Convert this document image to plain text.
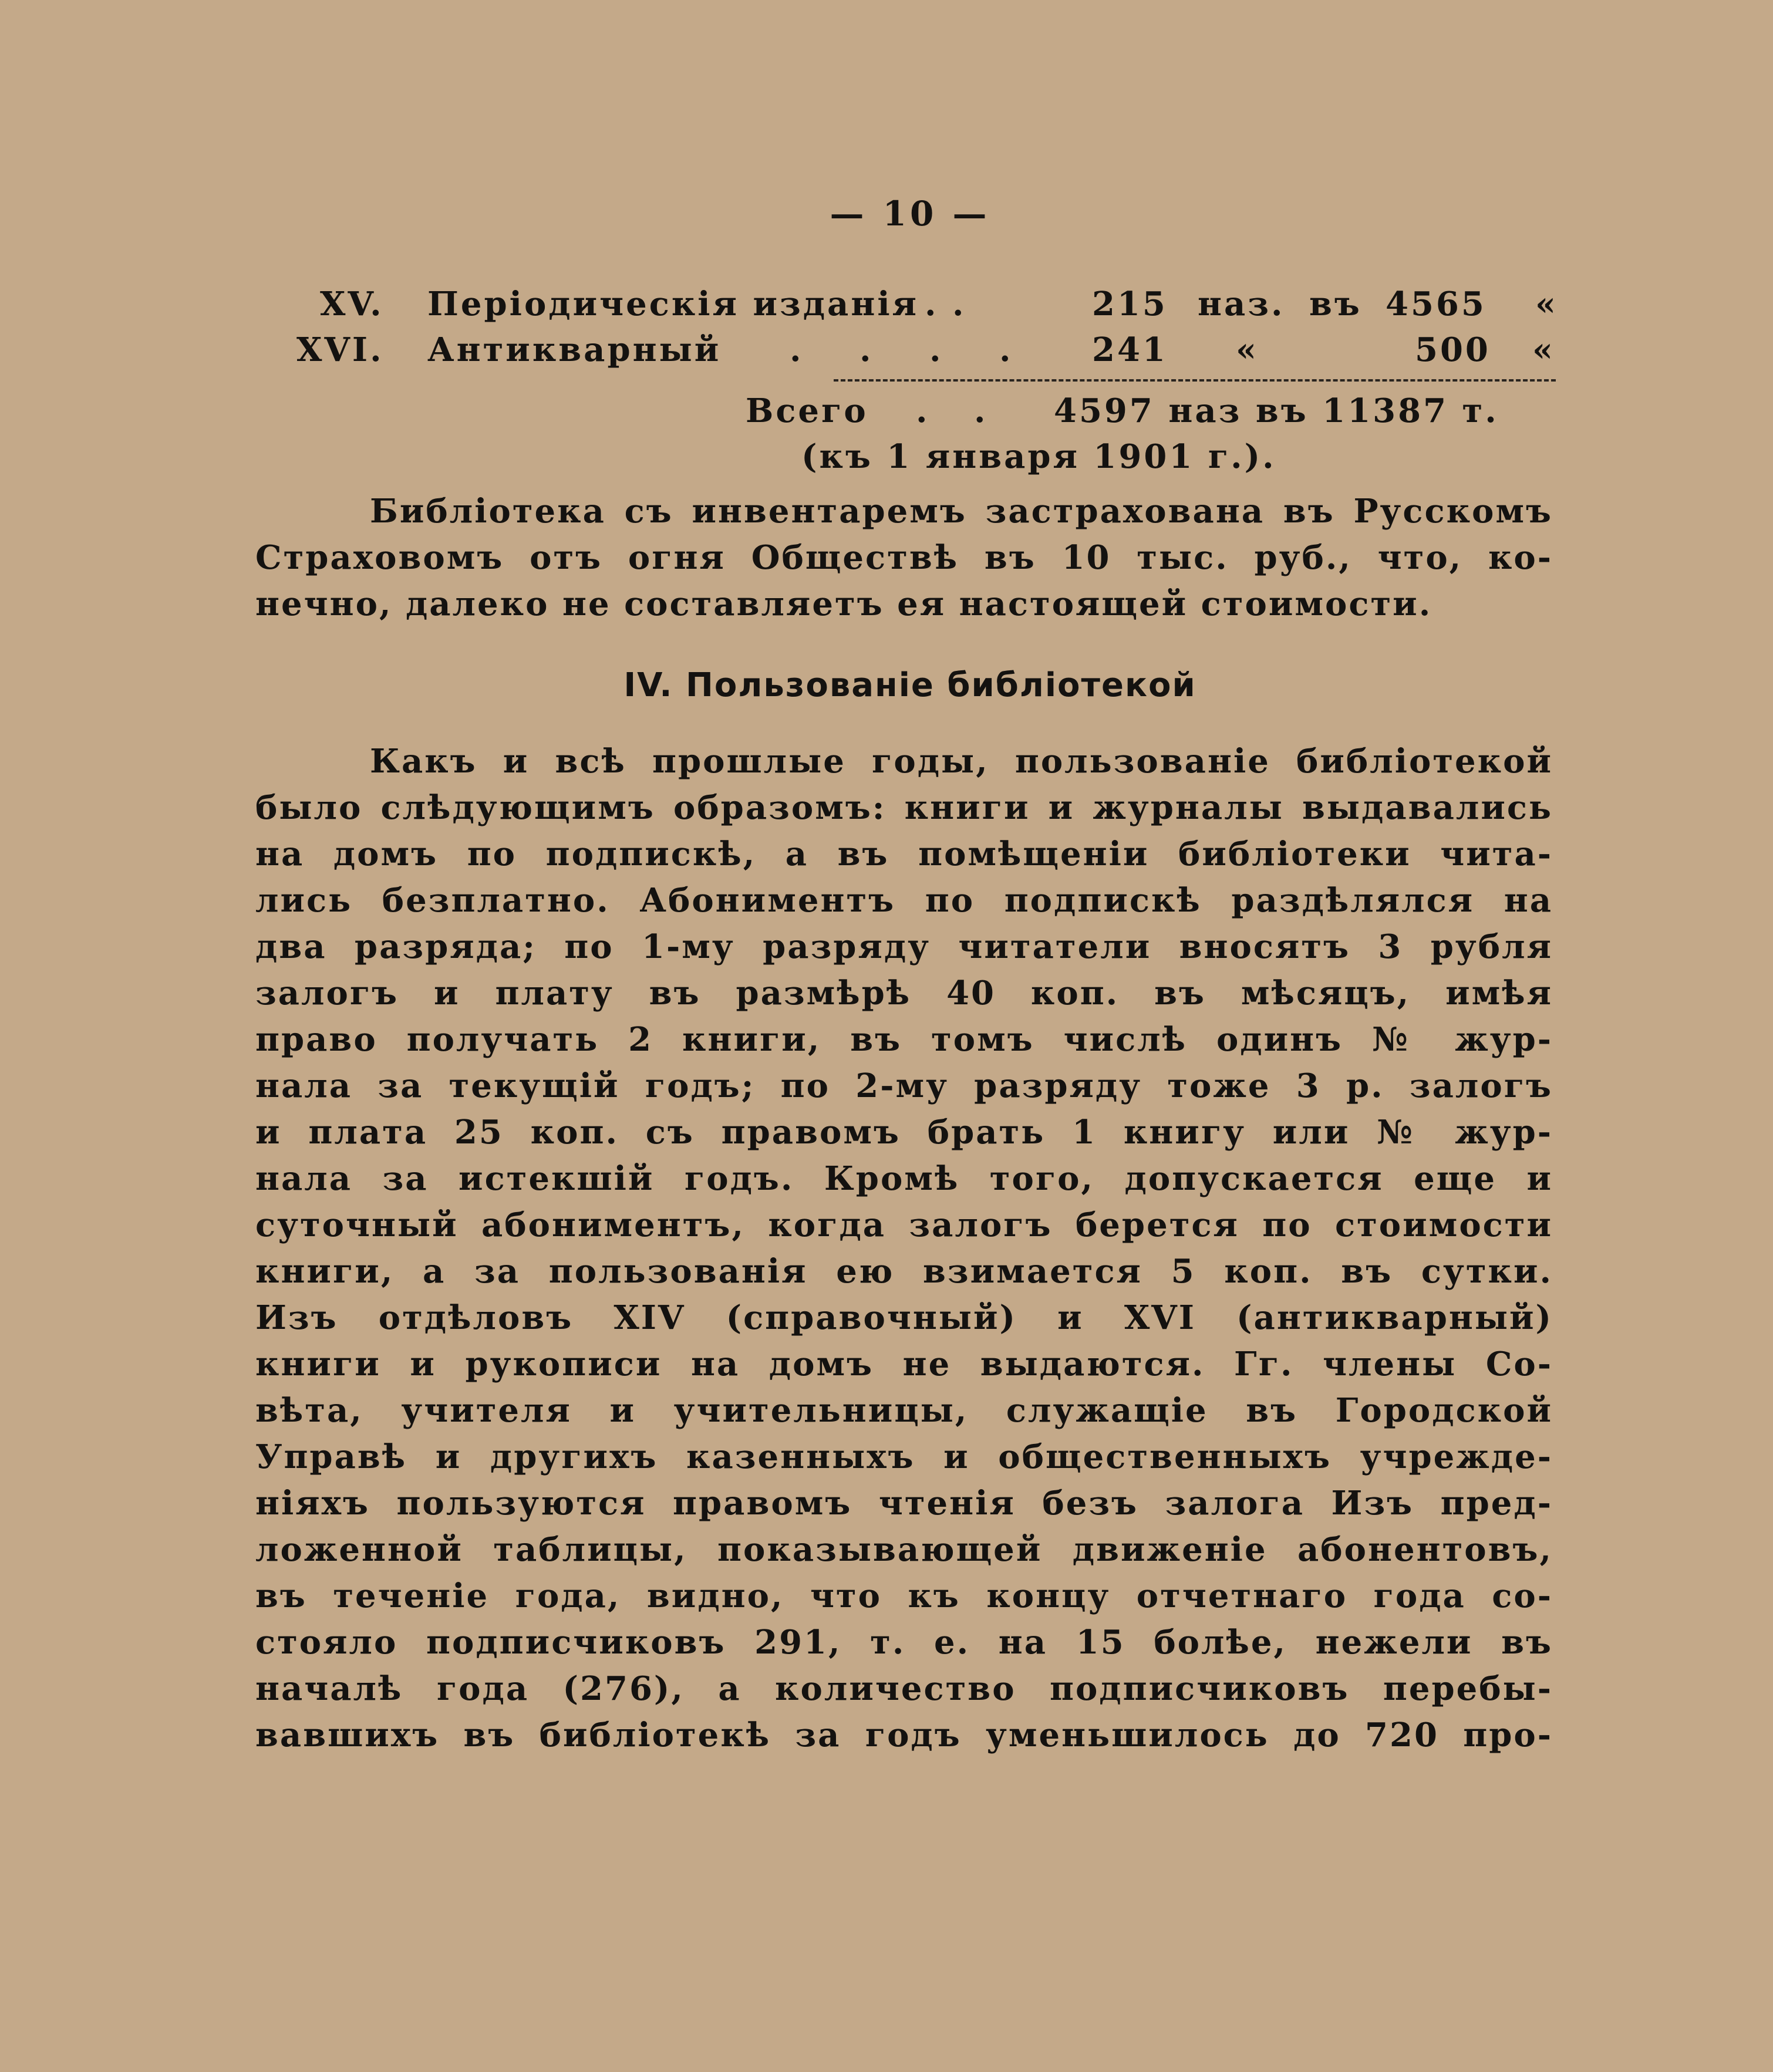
— 10 —
XV. Періодическія изданія . .	215 наз. въ 4565 «
XVI. Антикварный . . . . 241 «	500 «
Всего . . 4597 наз въ 11387 т.
(къ 1 января 1901 г.).
Библіотека съ инвентаремъ застрахована въ Русскомъ
Страховомъ отъ огня Обществѣ въ 10 тыс. руб., что, ко-
нечно, далеко не составляетъ ея настоящей стоимости.
IV. Пользованіе библіотекой
Какъ и всѣ прошлые годы, пользованіе библіотекой
было слѣдующимъ образомъ: книги и журналы выдавались
на домъ по подпискѣ, а въ помѣщеніи библіотеки чита-
лись безплатно. Абониментъ по подпискѣ раздѣлялся на
два разряда; по 1-му разряду читатели вносятъ 3 рубля
залогъ и плату въ размѣрѣ 40 коп. въ мѣсяцъ, имѣя
право получать 2 книги, въ томъ числѣ одинъ № жур-
нала за текущій годъ; по 2-му разряду тоже 3 р. залогъ
и плата 25 коп. съ правомъ брать 1 книгу или № жур-
нала за истекшій годъ. Кромѣ того, допускается еще и
суточный абониментъ, когда залогъ берется по стоимости
книги, а за пользованія ею взимается 5 коп. въ сутки.
Изъ отдѣловъ XIV (справочный) и XVI (антикварный)
книги и рукописи на домъ не выдаются. Гг. члены Со-
вѣта, учителя и учительницы, служащіе въ Городской
Управѣ и другихъ казенныхъ и общественныхъ учрежде-
ніяхъ пользуются правомъ чтенія безъ залога Изъ пред-
ложенной таблицы, показывающей движеніе абонентовъ,
въ теченіе года, видно, что къ концу отчетнаго года со-
стояло подписчиковъ 291, т. е. на 15 болѣе, нежели въ
началѣ года (276), а количество подписчиковъ перебы-
вавшихъ въ библіотекѣ за годъ уменьшилось до 720 про-
